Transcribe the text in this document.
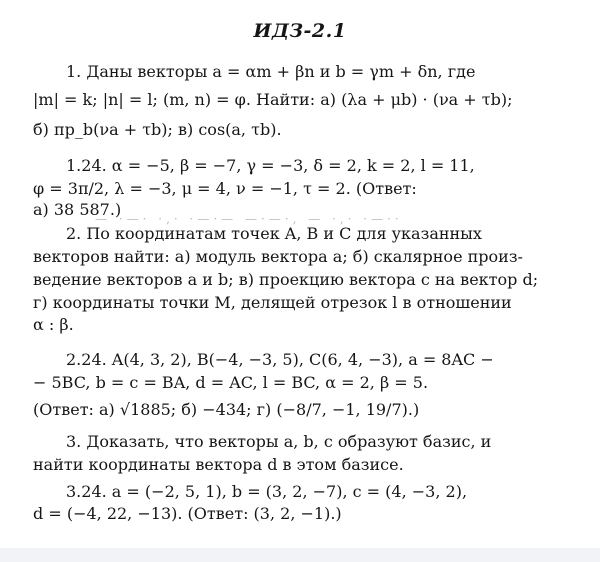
ИДЗ-2.1
1. Даны векторы a = αm + βn и b = γm + δn, где
|m| = k; |n| = l; (m, n) = φ. Найти: а) (λa + μb) · (νa + τb);
б) пр_b(νa + τb); в) cos(a, τb).
1.24. α = −5, β = −7, γ = −3, δ = 2, k = 2, l = 11,
φ = 3π/2, λ = −3, μ = 4, ν = −1, τ = 2. (Ответ:
а) 38 587.)
— ·—· ·,· ·—·— —·—·, — ·,· ·—··
2. По координатам точек A, B и C для указанных
векторов найти: а) модуль вектора a; б) скалярное произ-
ведение векторов a и b; в) проекцию вектора c на вектор d;
г) координаты точки M, делящей отрезок l в отношении
α : β.
2.24. A(4, 3, 2), B(−4, −3, 5), C(6, 4, −3), a = 8AC −
− 5BC, b = c = BA, d = AC, l = BC, α = 2, β = 5.
(Ответ: а) √1885; б) −434; г) (−8/7, −1, 19/7).)
3. Доказать, что векторы a, b, c образуют базис, и
найти координаты вектора d в этом базисе.
3.24. a = (−2, 5, 1), b = (3, 2, −7), c = (4, −3, 2),
d = (−4, 22, −13). (Ответ: (3, 2, −1).)
